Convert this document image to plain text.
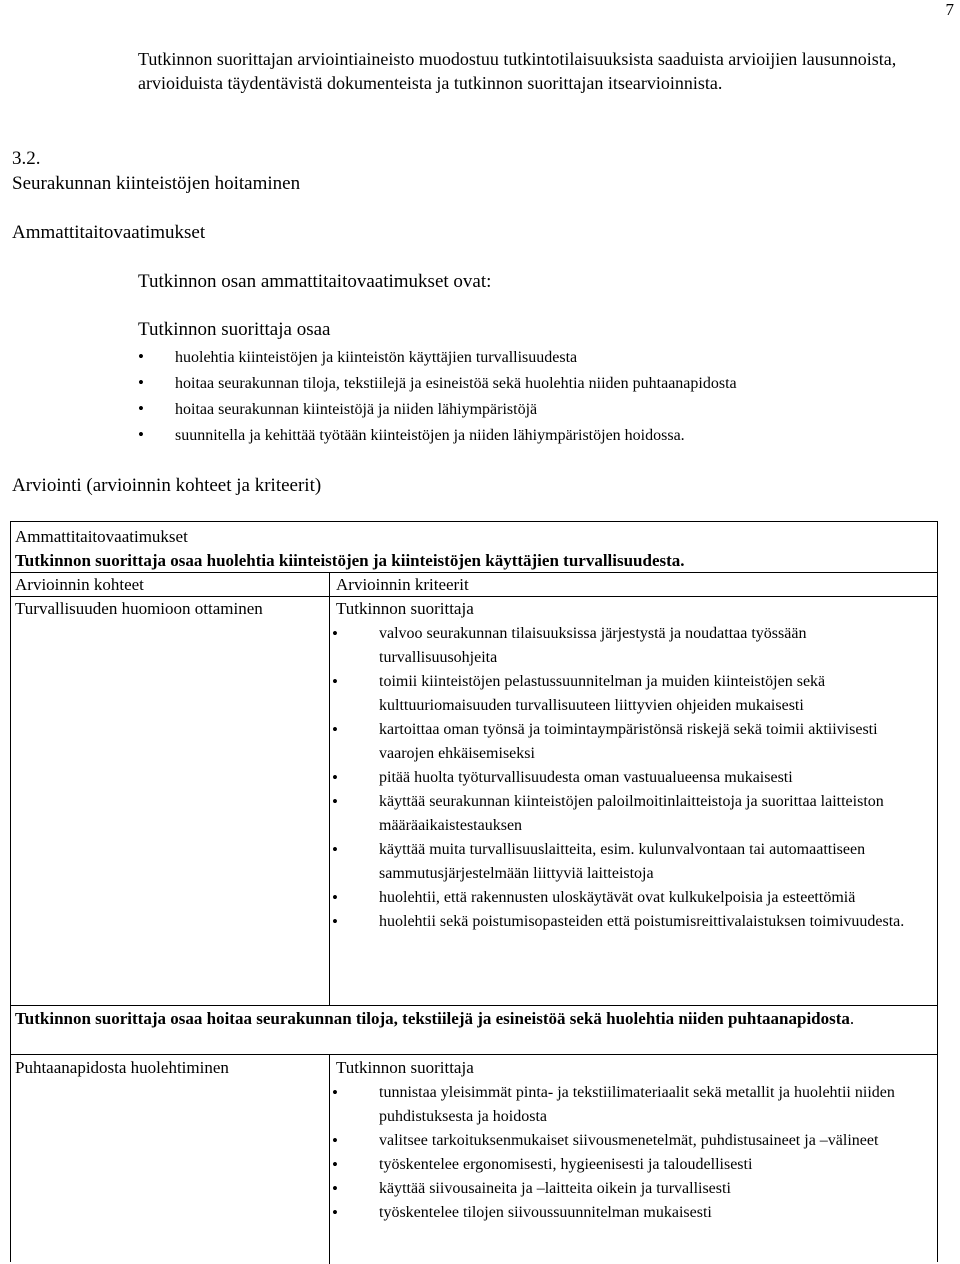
7
Tutkinnon suorittajan arviointiaineisto muodostuu tutkintotilaisuuksista saaduista arvioijien lausunnoista, arvioiduista täydentävistä dokumenteista ja tutkinnon suorittajan itsearvioinnista.
3.2.
Seurakunnan kiinteistöjen hoitaminen
Ammattitaitovaatimukset
Tutkinnon osan ammattitaitovaatimukset ovat:
Tutkinnon suorittaja osaa
• huolehtia kiinteistöjen ja kiinteistön käyttäjien turvallisuudesta
• hoitaa seurakunnan tiloja, tekstiilejä ja esineistöä sekä huolehtia niiden puhtaanapidosta
• hoitaa seurakunnan kiinteistöjä ja niiden lähiympäristöjä
• suunnitella ja kehittää työtään kiinteistöjen ja niiden lähiympäristöjen hoidossa.
Arviointi (arvioinnin kohteet ja kriteerit)
Ammattitaitovaatimukset
Tutkinnon suorittaja osaa huolehtia kiinteistöjen ja kiinteistöjen käyttäjien turvallisuudesta.
Arvioinnin kohteet	Arvioinnin kriteerit
Turvallisuuden huomioon ottaminen	Tutkinnon suorittaja
• valvoo seurakunnan tilaisuuksissa järjestystä ja noudattaa työssään turvallisuusohjeita
• toimii kiinteistöjen pelastussuunnitelman ja muiden kiinteistöjen sekä kulttuuriomaisuuden turvallisuuteen liittyvien ohjeiden mukaisesti
• kartoittaa oman työnsä ja toimintaympäristönsä riskejä sekä toimii aktiivisesti vaarojen ehkäisemiseksi
• pitää huolta työturvallisuudesta oman vastuualueensa mukaisesti
• käyttää seurakunnan kiinteistöjen paloilmoitinlaitteistoja ja suorittaa laitteiston määräaikaistestauksen
• käyttää muita turvallisuuslaitteita, esim. kulunvalvontaan tai automaattiseen sammutusjärjestelmään liittyviä laitteistoja
• huolehtii, että rakennusten uloskäytävät ovat kulkukelpoisia ja esteettömiä
• huolehtii sekä poistumisopasteiden että poistumisreittivalaistuksen toimivuudesta.
Tutkinnon suorittaja osaa hoitaa seurakunnan tiloja, tekstiilejä ja esineistöä sekä huolehtia niiden puhtaanapidosta.
Puhtaanapidosta huolehtiminen	Tutkinnon suorittaja
• tunnistaa yleisimmät pinta- ja tekstiilimateriaalit sekä metallit ja huolehtii niiden puhdistuksesta ja hoidosta
• valitsee tarkoituksenmukaiset siivousmenetelmät, puhdistusaineet ja –välineet
• työskentelee ergonomisesti, hygieenisesti ja taloudellisesti
• käyttää siivousaineita ja –laitteita oikein ja turvallisesti
• työskentelee tilojen siivoussuunnitelman mukaisesti
